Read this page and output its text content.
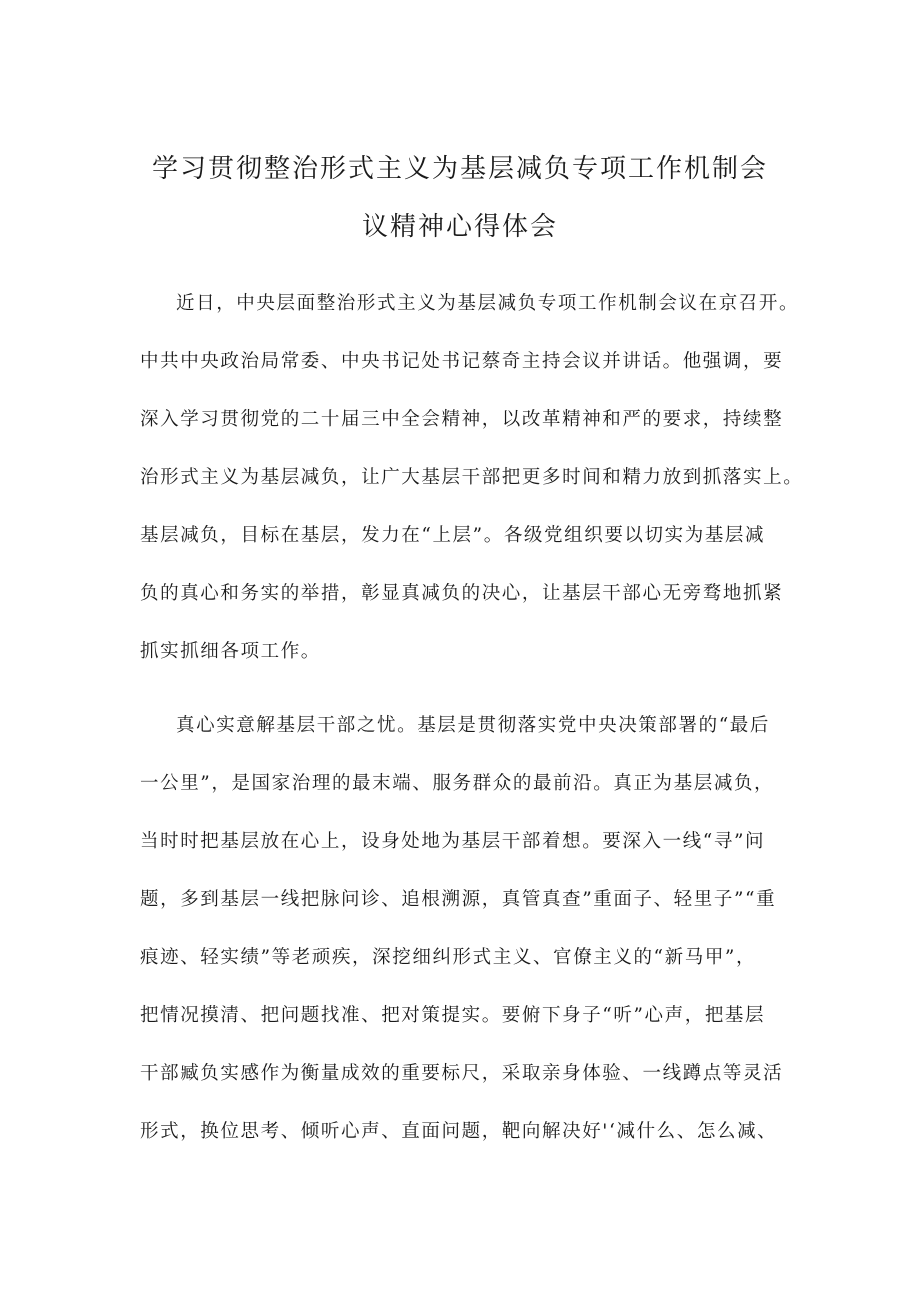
学习贯彻整治形式主义为基层减负专项工作机制会
议精神心得体会
近日，中央层面整治形式主义为基层减负专项工作机制会议在京召开。
中共中央政治局常委、中央书记处书记蔡奇主持会议并讲话。他强调，要
深入学习贯彻党的二十届三中全会精神，以改革精神和严的要求，持续整
治形式主义为基层减负，让广大基层干部把更多时间和精力放到抓落实上。
基层减负，目标在基层，发力在“上层”。各级党组织要以切实为基层减
负的真心和务实的举措，彰显真减负的决心，让基层干部心无旁骛地抓紧
抓实抓细各项工作。
真心实意解基层干部之忧。基层是贯彻落实党中央决策部署的“最后
一公里”，是国家治理的最末端、服务群众的最前沿。真正为基层减负，
当时时把基层放在心上，设身处地为基层干部着想。要深入一线“寻”问
题，多到基层一线把脉问诊、追根溯源，真管真查”重面子、轻里子”“重
痕迹、轻实绩”等老顽疾，深挖细纠形式主义、官僚主义的“新马甲”，
把情况摸清、把问题找准、把对策提实。要俯下身子“听”心声，把基层
干部臧负实感作为衡量成效的重要标尺，采取亲身体验、一线蹲点等灵活
形式，换位思考、倾听心声、直面问题，靶向解决好'‘减什么、怎么减、
